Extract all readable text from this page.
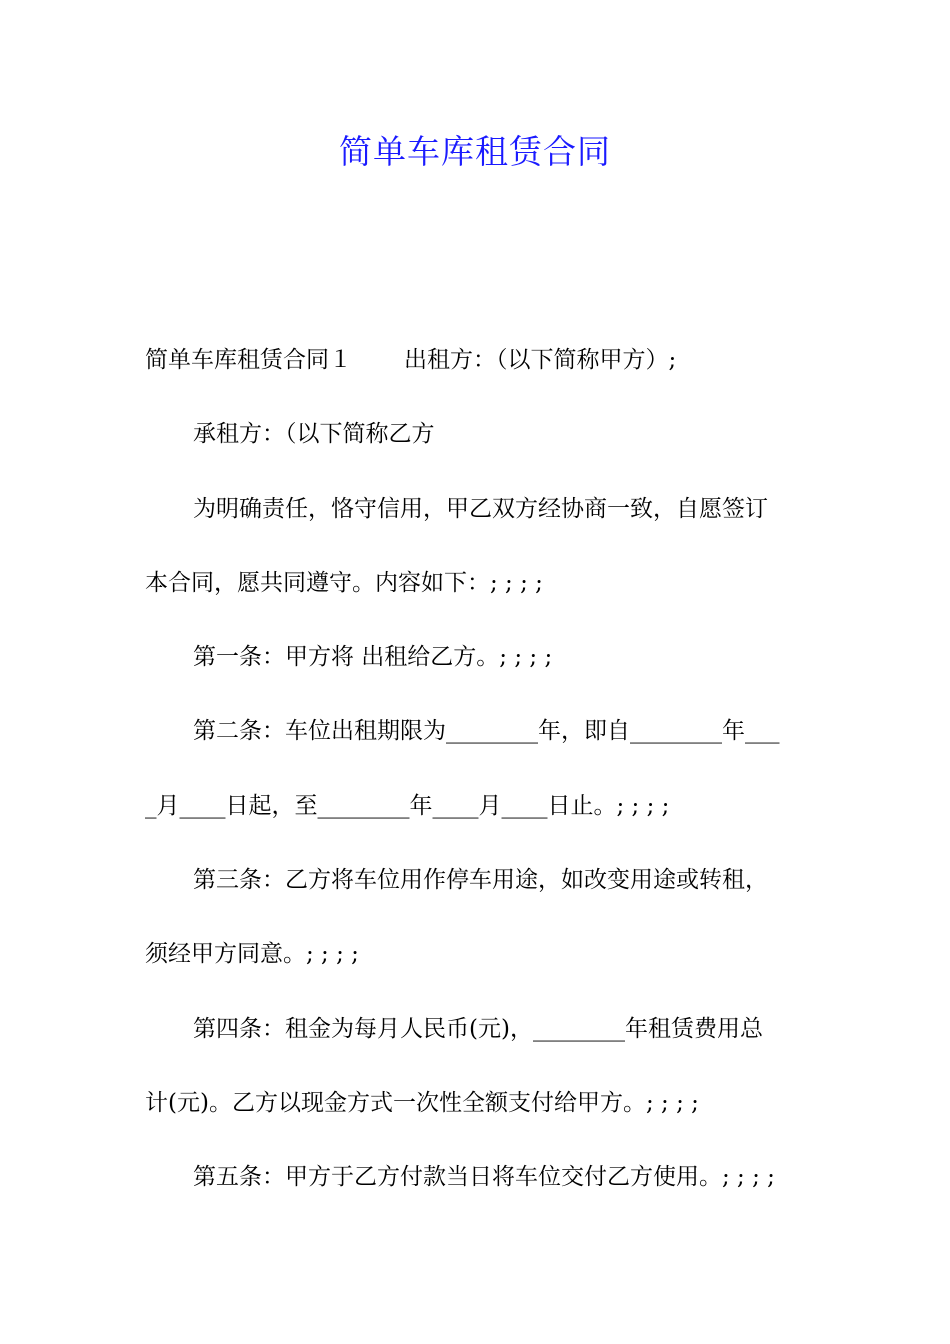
简单车库租赁合同
简单车库租赁合同１ 出租方：（以下简称甲方）;
承租方：（以下简称乙方
为明确责任，恪守信用，甲乙双方经协商一致，自愿签订
本合同，愿共同遵守。内容如下：; ; ; ;
第一条：甲方将 出租给乙方。; ; ; ;
第二条：车位出租期限为________年，即自________年___
_月____日起，至________年____月____日止。; ; ; ;
第三条：乙方将车位用作停车用途，如改变用途或转租，
须经甲方同意。; ; ; ;
第四条：租金为每月人民币(元)，________年租赁费用总
计(元)。乙方以现金方式一次性全额支付给甲方。; ; ; ;
第五条：甲方于乙方付款当日将车位交付乙方使用。; ; ; ;
